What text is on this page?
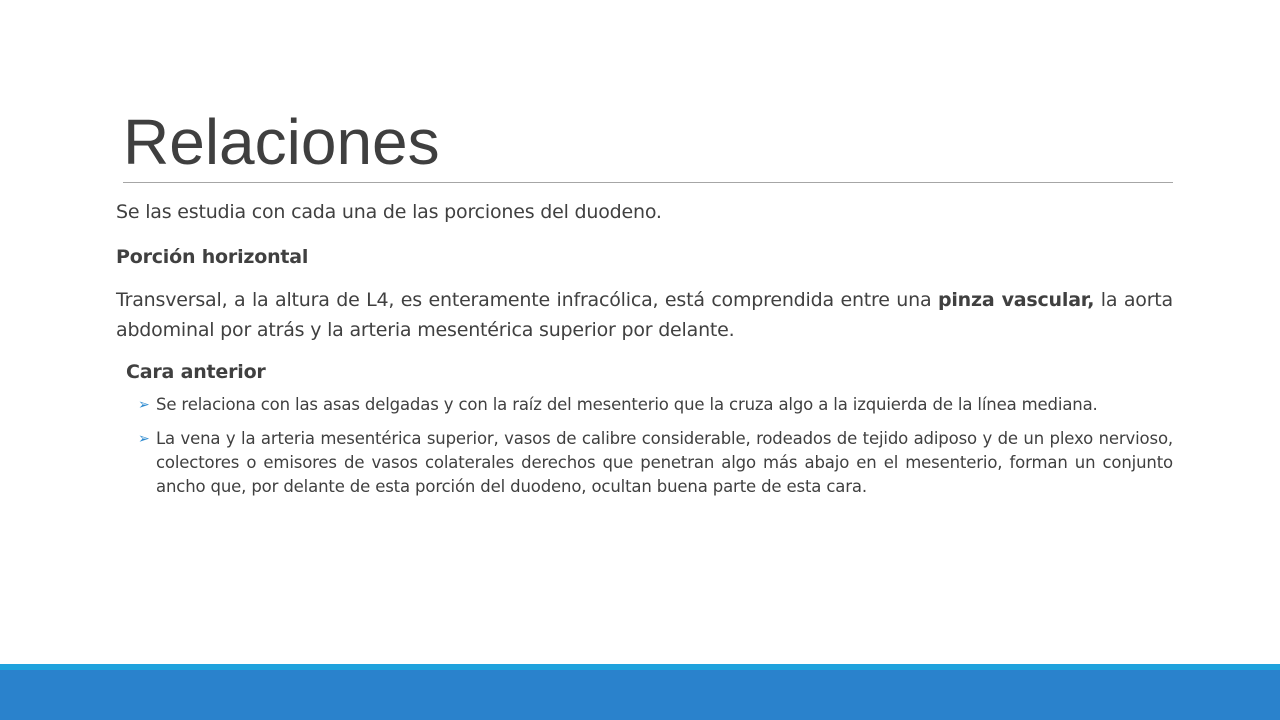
Relaciones

Se las estudia con cada una de las porciones del duodeno.

Porción horizontal

Transversal, a la altura de L4, es enteramente infracólica, está comprendida entre una pinza vascular, la aorta abdominal por atrás y la arteria mesentérica superior por delante.

Cara anterior

➢ Se relaciona con las asas delgadas y con la raíz del mesenterio que la cruza algo a la izquierda de la línea mediana.
➢ La vena y la arteria mesentérica superior, vasos de calibre considerable, rodeados de tejido adiposo y de un plexo nervioso, colectores o emisores de vasos colaterales derechos que penetran algo más abajo en el mesenterio, forman un conjunto ancho que, por delante de esta porción del duodeno, ocultan buena parte de esta cara.
